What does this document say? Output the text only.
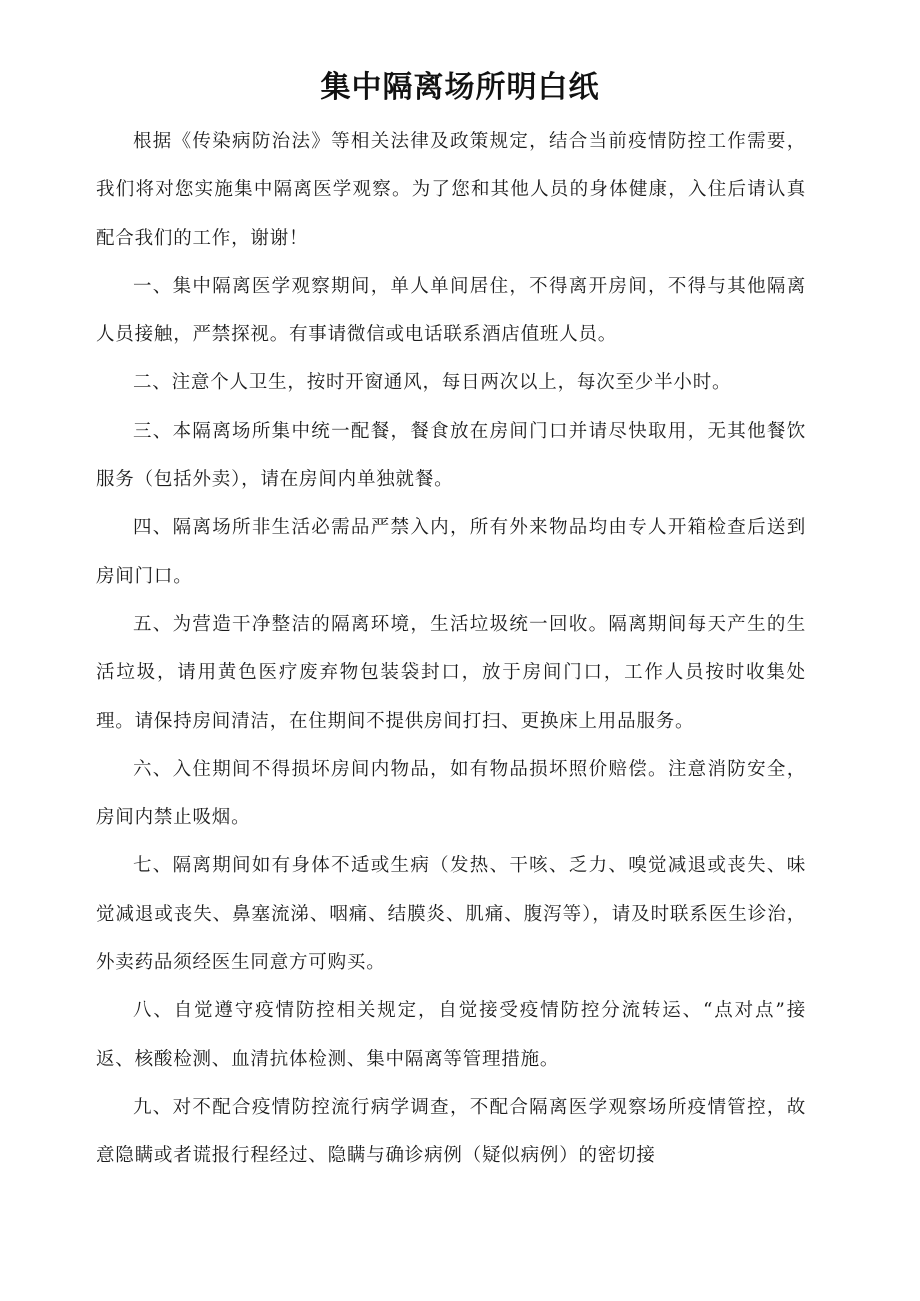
集中隔离场所明白纸

根据《传染病防治法》等相关法律及政策规定，结合当前疫情防控工作需要，我们将对您实施集中隔离医学观察。为了您和其他人员的身体健康，入住后请认真配合我们的工作，谢谢！

一、集中隔离医学观察期间，单人单间居住，不得离开房间，不得与其他隔离人员接触，严禁探视。有事请微信或电话联系酒店值班人员。

二、注意个人卫生，按时开窗通风，每日两次以上，每次至少半小时。

三、本隔离场所集中统一配餐，餐食放在房间门口并请尽快取用，无其他餐饮服务（包括外卖），请在房间内单独就餐。

四、隔离场所非生活必需品严禁入内，所有外来物品均由专人开箱检查后送到房间门口。

五、为营造干净整洁的隔离环境，生活垃圾统一回收。隔离期间每天产生的生活垃圾，请用黄色医疗废弃物包装袋封口，放于房间门口，工作人员按时收集处理。请保持房间清洁，在住期间不提供房间打扫、更换床上用品服务。

六、入住期间不得损坏房间内物品，如有物品损坏照价赔偿。注意消防安全，房间内禁止吸烟。

七、隔离期间如有身体不适或生病（发热、干咳、乏力、嗅觉减退或丧失、味觉减退或丧失、鼻塞流涕、咽痛、结膜炎、肌痛、腹泻等），请及时联系医生诊治，外卖药品须经医生同意方可购买。

八、自觉遵守疫情防控相关规定，自觉接受疫情防控分流转运、“点对点”接返、核酸检测、血清抗体检测、集中隔离等管理措施。

九、对不配合疫情防控流行病学调查，不配合隔离医学观察场所疫情管控，故意隐瞒或者谎报行程经过、隐瞒与确诊病例（疑似病例）的密切接
